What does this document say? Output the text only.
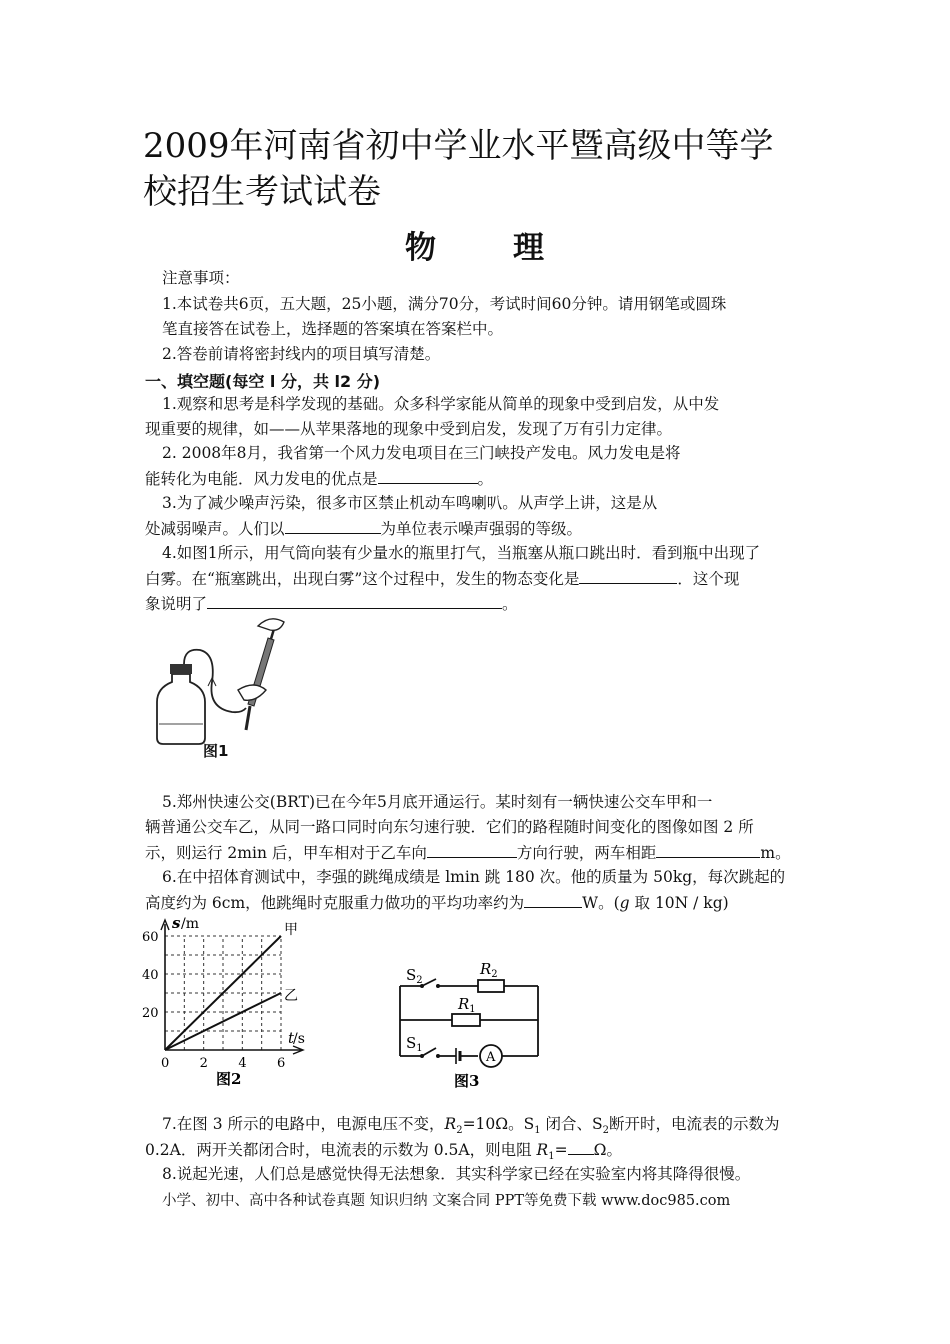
2009年河南省初中学业水平暨高级中等学
校招生考试试卷
物 理
注意事项：
1.本试卷共6页，五大题，25小题，满分70分，考试时间60分钟。请用钢笔或圆珠
笔直接答在试卷上，选择题的答案填在答案栏中。
2.答卷前请将密封线内的项目填写清楚。
一、填空题(每空 l 分，共 l2 分)
1.观察和思考是科学发现的基础。众多科学家能从简单的现象中受到启发，从中发
现重要的规律，如——从苹果落地的现象中受到启发，发现了万有引力定律。
2. 2008年8月，我省第一个风力发电项目在三门峡投产发电。风力发电是将
能转化为电能．风力发电的优点是	。
3.为了减少噪声污染，很多市区禁止机动车鸣喇叭。从声学上讲，这是从
处减弱噪声。人们以	为单位表示噪声强弱的等级。
4.如图1所示，用气筒向装有少量水的瓶里打气，当瓶塞从瓶口跳出时．看到瓶中出现了
白雾。在“瓶塞跳出，出现白雾”这个过程中，发生的物态变化是	．这个现
象说明了	。
图1
5.郑州快速公交(BRT)已在今年5月底开通运行。某时刻有一辆快速公交车甲和一
辆普通公交车乙，从同一路口同时向东匀速行驶．它们的路程随时间变化的图像如图 2 所
示，则运行 2min 后，甲车相对于乙车向	方向行驶，两车相距	m。
6.在中招体育测试中，李强的跳绳成绩是 lmin 跳 180 次。他的质量为 50kg，每次跳起的
高度约为 6cm，他跳绳时克服重力做功的平均功率约为	W。(g 取 10N / kg)
60
40
20
0 2 4 6
s /m
t
/s
甲
乙
图2
$S_2$
$R_2$
$R_1$
$S_1$
A
图3
7.在图 3 所示的电路中，电源电压不变，$R_2=10\Omega$。$S_1$ 闭合、$S_2$断开时，电流表的示数为
0.2A．两开关都闭合时，电流表的示数为 0.5A，则电阻 $R_1= \Omega$。
8.说起光速，人们总是感觉快得无法想象．其实科学家已经在实验室内将其降得很慢。
小学、初中、高中各种试卷真题 知识归纳 文案合同 PPT等免费下载 www.doc985.com
